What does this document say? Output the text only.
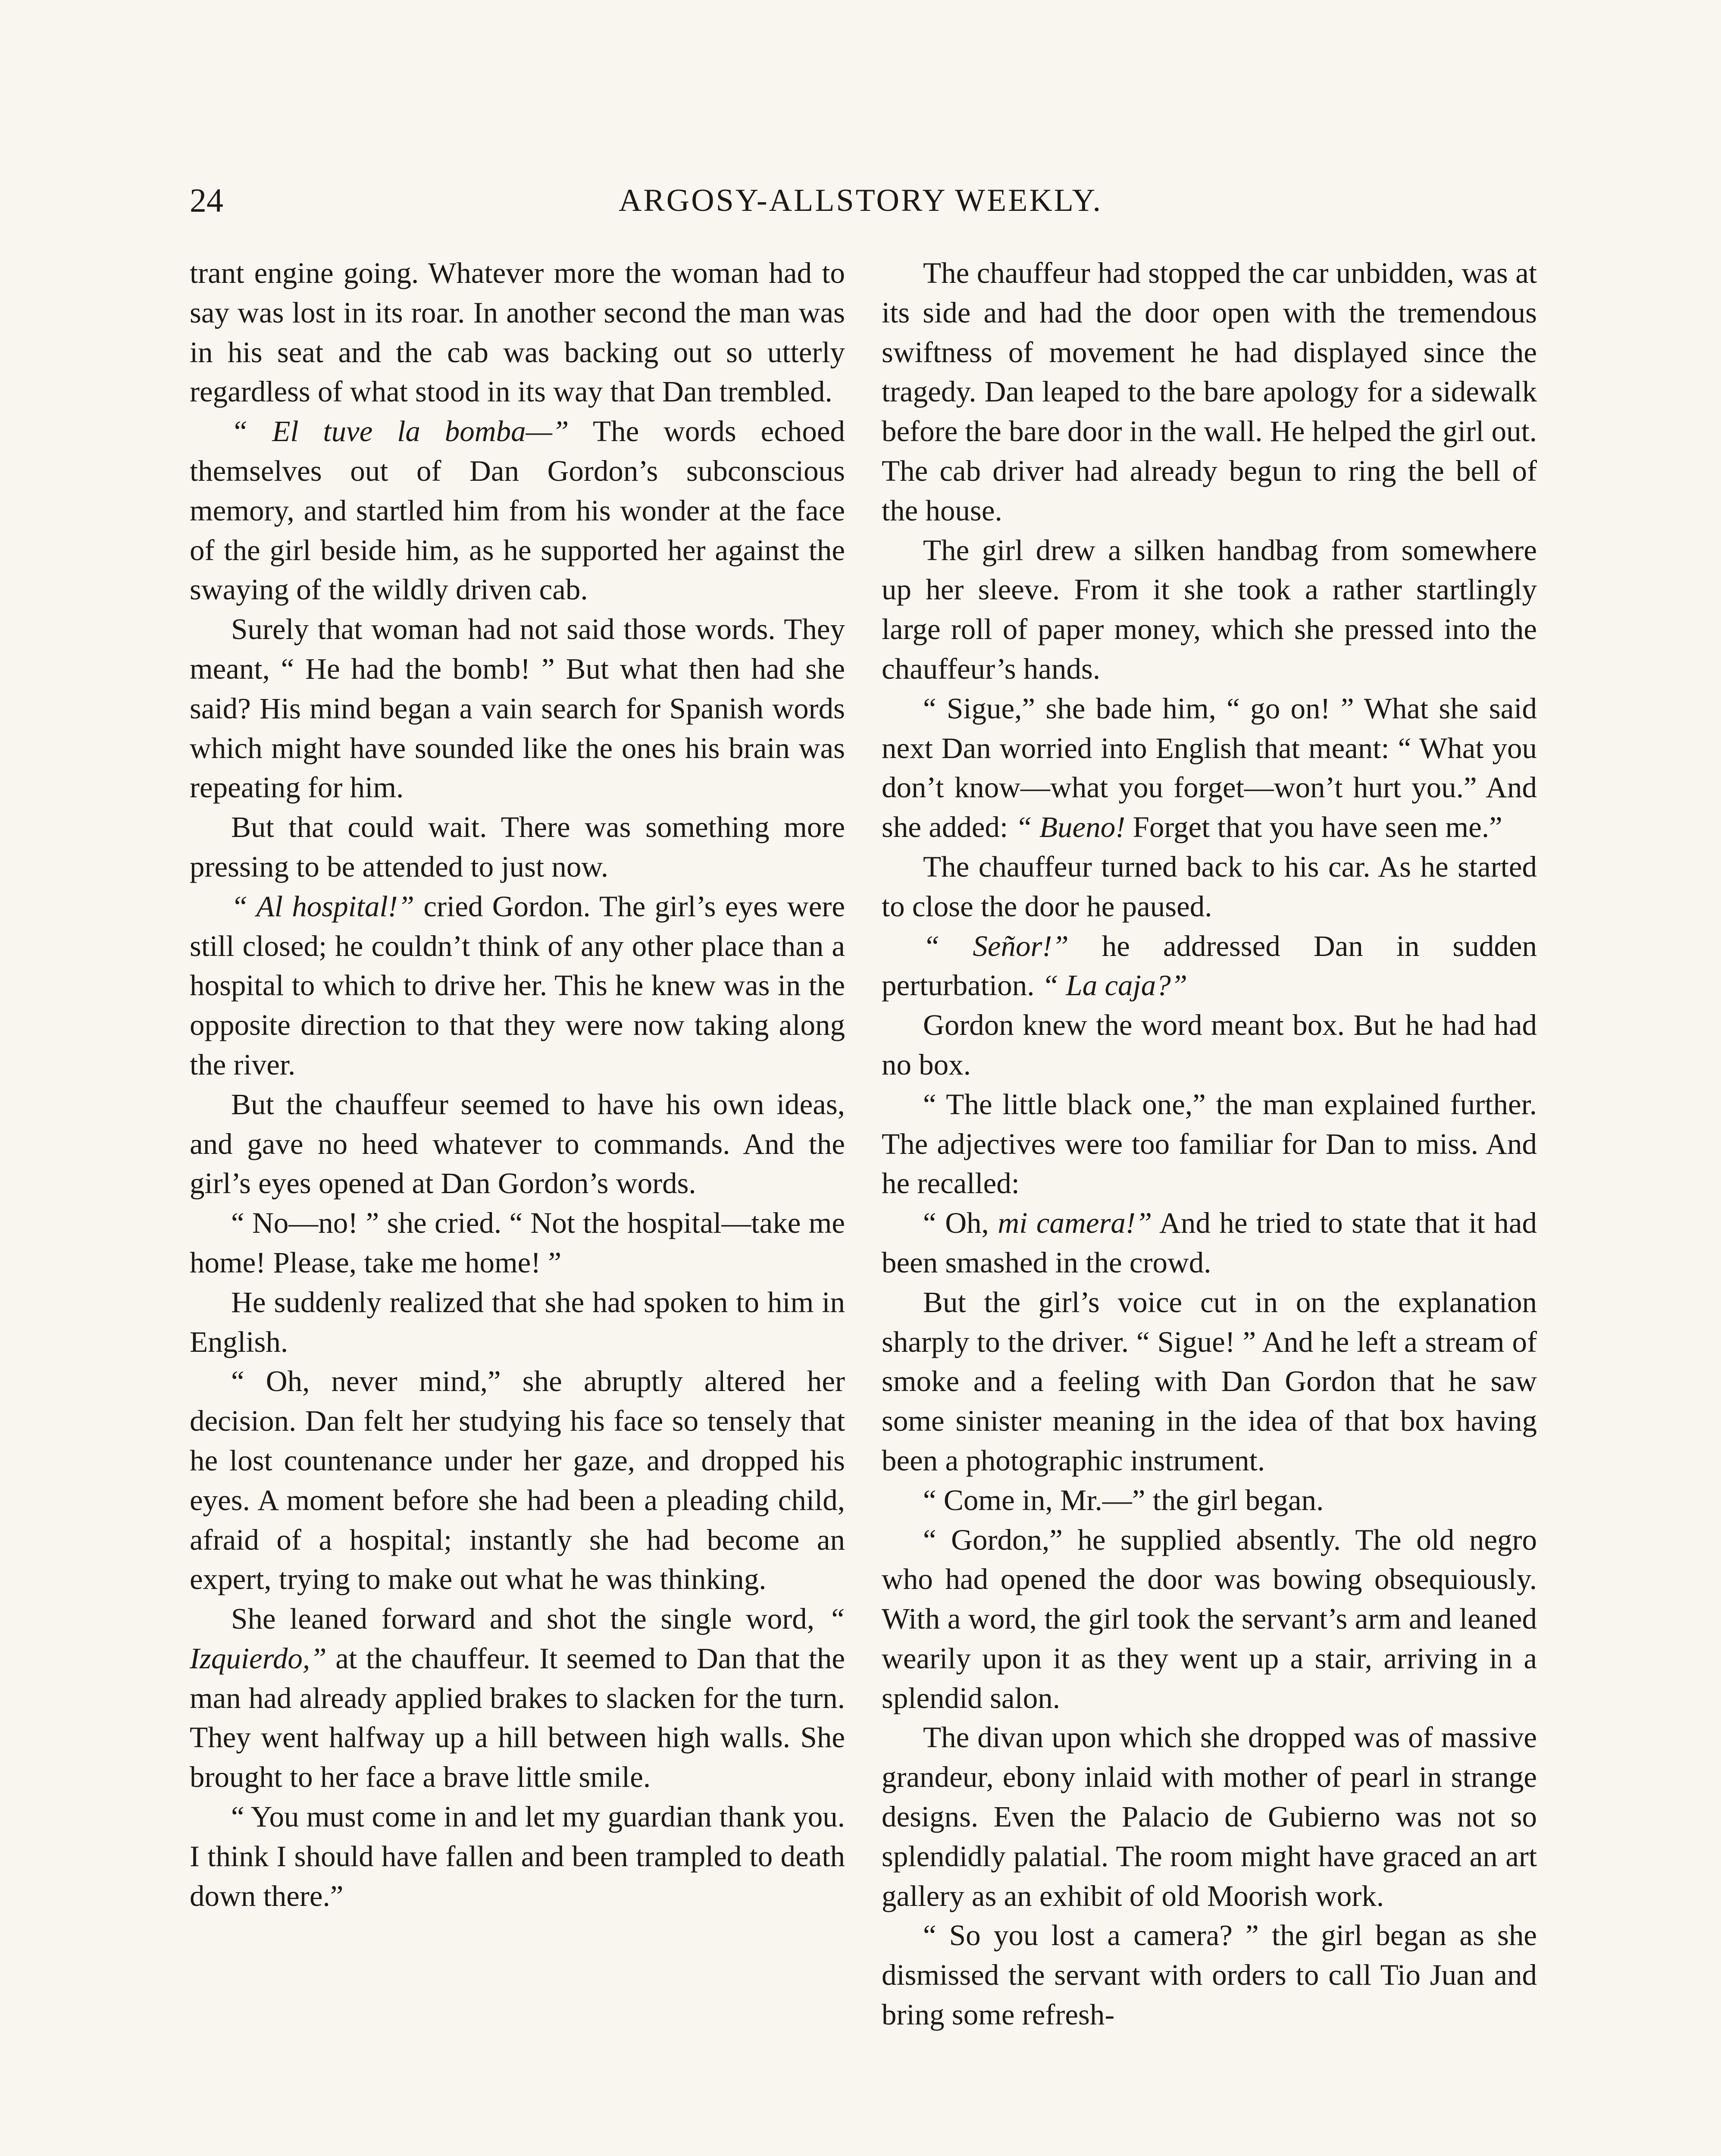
24	ARGOSY-ALLSTORY WEEKLY.

trant engine going. Whatever more the woman had to say was lost in its roar. In another second the man was in his seat and the cab was backing out so utterly regardless of what stood in its way that Dan trembled.

“ El tuve la bomba—” The words echoed themselves out of Dan Gordon’s subconscious memory, and startled him from his wonder at the face of the girl beside him, as he supported her against the swaying of the wildly driven cab.

Surely that woman had not said those words. They meant, “ He had the bomb! ” But what then had she said? His mind began a vain search for Spanish words which might have sounded like the ones his brain was repeating for him.

But that could wait. There was something more pressing to be attended to just now.

“ Al hospital!” cried Gordon. The girl’s eyes were still closed; he couldn’t think of any other place than a hospital to which to drive her. This he knew was in the opposite direction to that they were now taking along the river.

But the chauffeur seemed to have his own ideas, and gave no heed whatever to commands. And the girl’s eyes opened at Dan Gordon’s words.

“ No—no! ” she cried. “ Not the hospital—take me home! Please, take me home! ”

He suddenly realized that she had spoken to him in English.

“ Oh, never mind,” she abruptly altered her decision. Dan felt her studying his face so tensely that he lost countenance under her gaze, and dropped his eyes. A moment before she had been a pleading child, afraid of a hospital; instantly she had become an expert, trying to make out what he was thinking.

She leaned forward and shot the single word, “ Izquierdo,” at the chauffeur. It seemed to Dan that the man had already applied brakes to slacken for the turn. They went halfway up a hill between high walls. She brought to her face a brave little smile.

“ You must come in and let my guardian thank you. I think I should have fallen and been trampled to death down there.”

The chauffeur had stopped the car unbidden, was at its side and had the door open with the tremendous swiftness of movement he had displayed since the tragedy. Dan leaped to the bare apology for a sidewalk before the bare door in the wall. He helped the girl out. The cab driver had already begun to ring the bell of the house.

The girl drew a silken handbag from somewhere up her sleeve. From it she took a rather startlingly large roll of paper money, which she pressed into the chauffeur’s hands.

“ Sigue,” she bade him, “ go on! ” What she said next Dan worried into English that meant: “ What you don’t know—what you forget—won’t hurt you.” And she added: “ Bueno! Forget that you have seen me.”

The chauffeur turned back to his car. As he started to close the door he paused.

“ Señor!” he addressed Dan in sudden perturbation. “ La caja?”

Gordon knew the word meant box. But he had had no box.

“ The little black one,” the man explained further. The adjectives were too familiar for Dan to miss. And he recalled:

“ Oh, mi camera!” And he tried to state that it had been smashed in the crowd.

But the girl’s voice cut in on the explanation sharply to the driver. “ Sigue! ” And he left a stream of smoke and a feeling with Dan Gordon that he saw some sinister meaning in the idea of that box having been a photographic instrument.

“ Come in, Mr.—” the girl began.

“ Gordon,” he supplied absently. The old negro who had opened the door was bowing obsequiously. With a word, the girl took the servant’s arm and leaned wearily upon it as they went up a stair, arriving in a splendid salon.

The divan upon which she dropped was of massive grandeur, ebony inlaid with mother of pearl in strange designs. Even the Palacio de Gubierno was not so splendidly palatial. The room might have graced an art gallery as an exhibit of old Moorish work.

“ So you lost a camera? ” the girl began as she dismissed the servant with orders to call Tio Juan and bring some refresh-
